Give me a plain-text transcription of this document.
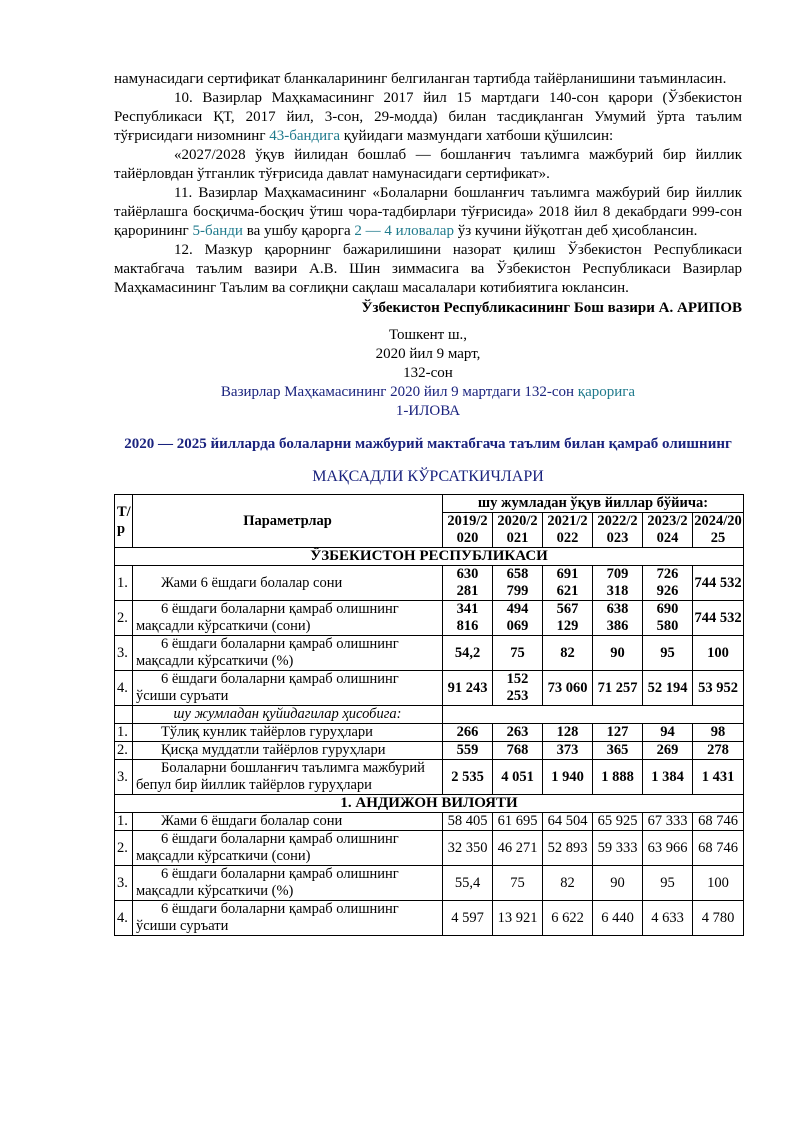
намунасидаги сертификат бланкаларининг белгиланган тартибда тайёрланишини таъминласин.

10. Вазирлар Маҳкамасининг 2017 йил 15 мартдаги 140-сон қарори (Ўзбекистон Республикаси ҚТ, 2017 йил, 3-сон, 29-модда) билан тасдиқланган Умумий ўрта таълим тўғрисидаги низомнинг 43-бандига қуйидаги мазмундаги хатбоши қўшилсин:

«2027/2028 ўқув йилидан бошлаб — бошланғич таълимга мажбурий бир йиллик тайёрловдан ўтганлик тўғрисида давлат намунасидаги сертификат».

11. Вазирлар Маҳкамасининг «Болаларни бошланғич таълимга мажбурий бир йиллик тайёрлашга босқичма-босқич ўтиш чора-тадбирлари тўғрисида» 2018 йил 8 декабрдаги 999-сон қарорининг 5-банди ва ушбу қарорга 2 — 4 иловалар ўз кучини йўқотган деб ҳисоблансин.

12. Мазкур қарорнинг бажарилишини назорат қилиш Ўзбекистон Республикаси мактабгача таълим вазири А.В. Шин зиммасига ва Ўзбекистон Республикаси Вазирлар Маҳкамасининг Таълим ва соғлиқни сақлаш масалалари котибиятига юклансин.

Ўзбекистон Республикасининг Бош вазири А. АРИПОВ

Тошкент ш.,
2020 йил 9 март,
132-сон
Вазирлар Маҳкамасининг 2020 йил 9 мартдаги 132-сон қарорига
1-ИЛОВА
2020 — 2025 йилларда болаларни мажбурий мактабгача таълим билан қамраб олишнинг
МАҚСАДЛИ КЎРСАТКИЧЛАРИ
Т/р	Параметрлар	шу жумладан ўқув йиллар бўйича:					
		2019/2020	2020/2021	2021/2022	2022/2023	2023/2024	2024/2025
ЎЗБЕКИСТОН РЕСПУБЛИКАСИ							
1.	Жами 6 ёшдаги болалар сони	630 281	658 799	691 621	709 318	726 926	744 532
2.	6 ёшдаги болаларни қамраб олишнинг мақсадли кўрсаткичи (сони)	341 816	494 069	567 129	638 386	690 580	744 532
3.	6 ёшдаги болаларни қамраб олишнинг мақсадли кўрсаткичи (%)	54,2	75	82	90	95	100
4.	6 ёшдаги болаларни қамраб олишнинг ўсиши суръати	91 243	152 253	73 060	71 257	52 194	53 952
	шу жумладан қуйидагилар ҳисобига:						
1.	Тўлиқ кунлик тайёрлов гуруҳлари	266	263	128	127	94	98
2.	Қисқа муддатли тайёрлов гуруҳлари	559	768	373	365	269	278
3.	Болаларни бошланғич таълимга мажбурий бепул бир йиллик тайёрлов гуруҳлари	2 535	4 051	1 940	1 888	1 384	1 431
1. АНДИЖОН ВИЛОЯТИ							
1.	Жами 6 ёшдаги болалар сони	58 405	61 695	64 504	65 925	67 333	68 746
2.	6 ёшдаги болаларни қамраб олишнинг мақсадли кўрсаткичи (сони)	32 350	46 271	52 893	59 333	63 966	68 746
3.	6 ёшдаги болаларни қамраб олишнинг мақсадли кўрсаткичи (%)	55,4	75	82	90	95	100
4.	6 ёшдаги болаларни қамраб олишнинг ўсиши суръати	4 597	13 921	6 622	6 440	4 633	4 780
